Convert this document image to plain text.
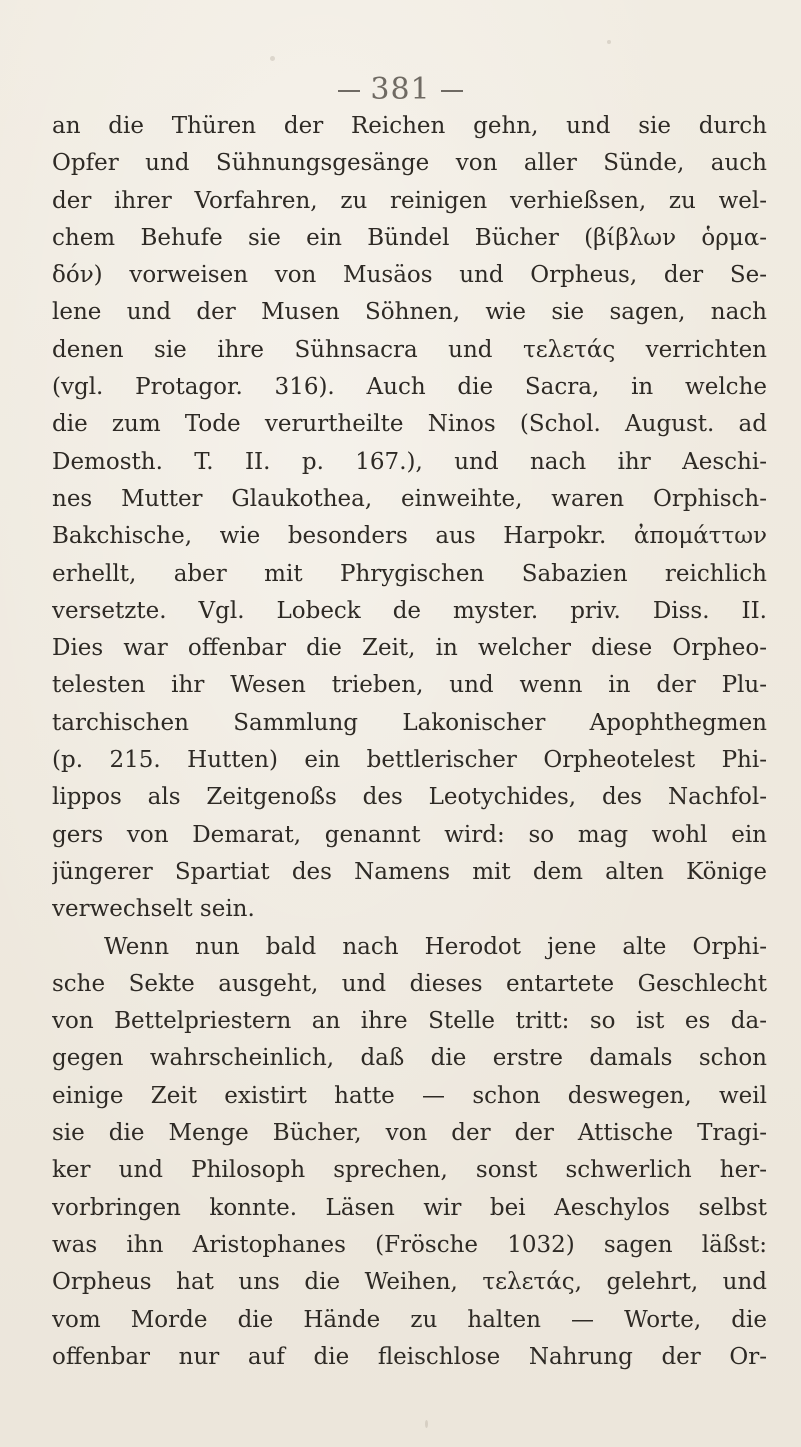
381
an die Thüren der Reichen gehn, und sie durch
Opfer und Sühnungsgesänge von aller Sünde, auch
der ihrer Vorfahren, zu reinigen verhießsen, zu wel-
chem Behufe sie ein Bündel Bücher (βίβλων ὁρμα-
δόν) vorweisen von Musäos und Orpheus, der Se-
lene und der Musen Söhnen, wie sie sagen, nach
denen sie ihre Sühnsacra und τελετάς verrichten
(vgl. Protagor. 316). Auch die Sacra, in welche
die zum Tode verurtheilte Ninos (Schol. August. ad
Demosth. T. II. p. 167.), und nach ihr Aeschi-
nes Mutter Glaukothea, einweihte, waren Orphisch-
Bakchische, wie besonders aus Harpokr. ἀπομάττων
erhellt, aber mit Phrygischen Sabazien reichlich
versetzte. Vgl. Lobeck de myster. priv. Diss. II.
Dies war offenbar die Zeit, in welcher diese Orpheo-
telesten ihr Wesen trieben, und wenn in der Plu-
tarchischen Sammlung Lakonischer Apophthegmen
(p. 215. Hutten) ein bettlerischer Orpheotelest Phi-
lippos als Zeitgenoßs des Leotychides, des Nachfol-
gers von Demarat, genannt wird: so mag wohl ein
jüngerer Spartiat des Namens mit dem alten Könige
verwechselt sein.
Wenn nun bald nach Herodot jene alte Orphi-
sche Sekte ausgeht, und dieses entartete Geschlecht
von Bettelpriestern an ihre Stelle tritt: so ist es da-
gegen wahrscheinlich, daß die erstre damals schon
einige Zeit existirt hatte — schon deswegen, weil
sie die Menge Bücher, von der der Attische Tragi-
ker und Philosoph sprechen, sonst schwerlich her-
vorbringen konnte. Läsen wir bei Aeschylos selbst
was ihn Aristophanes (Frösche 1032) sagen läßst:
Orpheus hat uns die Weihen, τελετάς, gelehrt, und
vom Morde die Hände zu halten — Worte, die
offenbar nur auf die fleischlose Nahrung der Or-
